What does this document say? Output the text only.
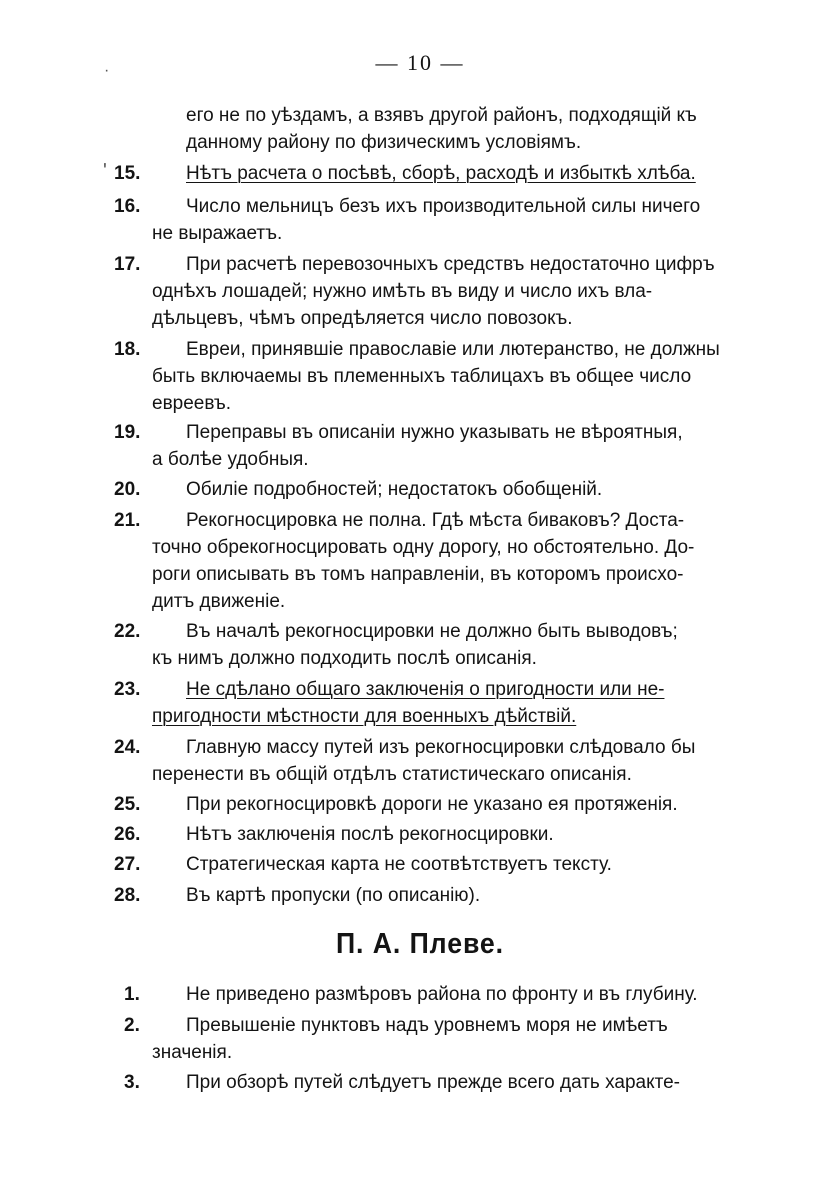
— 10 —
·
его не по уѣздамъ, а взявъ другой районъ, подходящій къ
данному району по физическимъ условіямъ.
ʹ 15.	Нѣтъ расчета о посѣвѣ, сборѣ, расходѣ и избыткѣ хлѣба.
16.	Число мельницъ безъ ихъ производительной силы ничего
не выражаетъ.
17.	При расчетѣ перевозочныхъ средствъ недостаточно цифръ
однѣхъ лошадей; нужно имѣть въ виду и число ихъ вла-
дѣльцевъ, чѣмъ опредѣляется число повозокъ.
18.	Евреи, принявшіе православіе или лютеранство, не должны
быть включаемы въ племенныхъ таблицахъ въ общее число
евреевъ.
19.	Переправы въ описаніи нужно указывать не вѣроятныя,
а болѣе удобныя.
20.	Обиліе подробностей; недостатокъ обобщеній.
21.	Рекогносцировка не полна. Гдѣ мѣста биваковъ? Доста-
точно обрекогносцировать одну дорогу, но обстоятельно. До-
роги описывать въ томъ направленіи, въ которомъ происхо-
дитъ движеніе.
22.	Въ началѣ рекогносцировки не должно быть выводовъ;
къ нимъ должно подходить послѣ описанія.
23.	Не сдѣлано общаго заключенія о пригодности или не-
пригодности мѣстности для военныхъ дѣйствій.
24.	Главную массу путей изъ рекогносцировки слѣдовало бы
перенести въ общій отдѣлъ статистическаго описанія.
25.	При рекогносцировкѣ дороги не указано ея протяженія.
26.	Нѣтъ заключенія послѣ рекогносцировки.
27.	Стратегическая карта не соотвѣтствуетъ тексту.
28.	Въ картѣ пропуски (по описанію).
П. А. Плеве.
1.	Не приведено размѣровъ района по фронту и въ глубину.
2.	Превышеніе пунктовъ надъ уровнемъ моря не имѣетъ
значенія.
3.	При обзорѣ путей слѣдуетъ прежде всего дать характе-
